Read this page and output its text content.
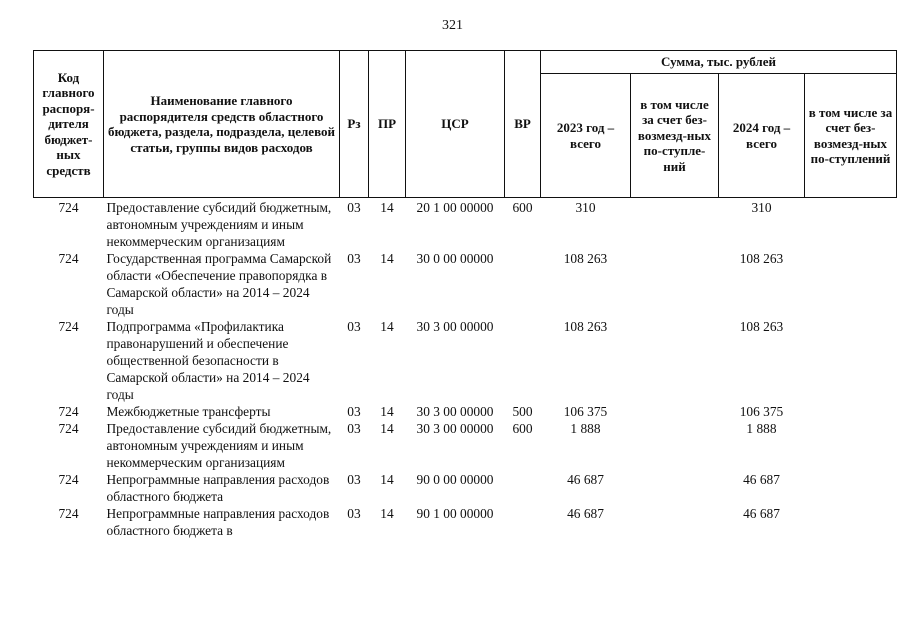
321
Код главного распоря-дителя бюджет-ных средств	Наименование главного распорядителя средств областного бюджета, раздела, подраздела, целевой статьи, группы видов расходов	Рз	ПР	ЦСР	ВР	Сумма, тыс. рублей			
						2023 год – всего	в том числе за счет без-возмезд-ных по-ступле-ний	2024 год – всего	в том числе за счет без-возмезд-ных по-ступлений
724	Предоставление субсидий бюджетным, автономным учреждениям и иным некоммерческим организациям	03	14	20 1 00 00000	600	310		310	
724	Государственная программа Самарской области «Обеспечение правопорядка в Самарской области» на 2014 – 2024 годы	03	14	30 0 00 00000		108 263		108 263	
724	Подпрограмма «Профилактика правонарушений и обеспечение общественной безопасности в Самарской области» на 2014 – 2024 годы	03	14	30 3 00 00000		108 263		108 263	
724	Межбюджетные трансферты	03	14	30 3 00 00000	500	106 375		106 375	
724	Предоставление субсидий бюджетным, автономным учреждениям и иным некоммерческим организациям	03	14	30 3 00 00000	600	1 888		1 888	
724	Непрограммные направления расходов областного бюджета	03	14	90 0 00 00000		46 687		46 687	
724	Непрограммные направления расходов областного бюджета в	03	14	90 1 00 00000		46 687		46 687	
